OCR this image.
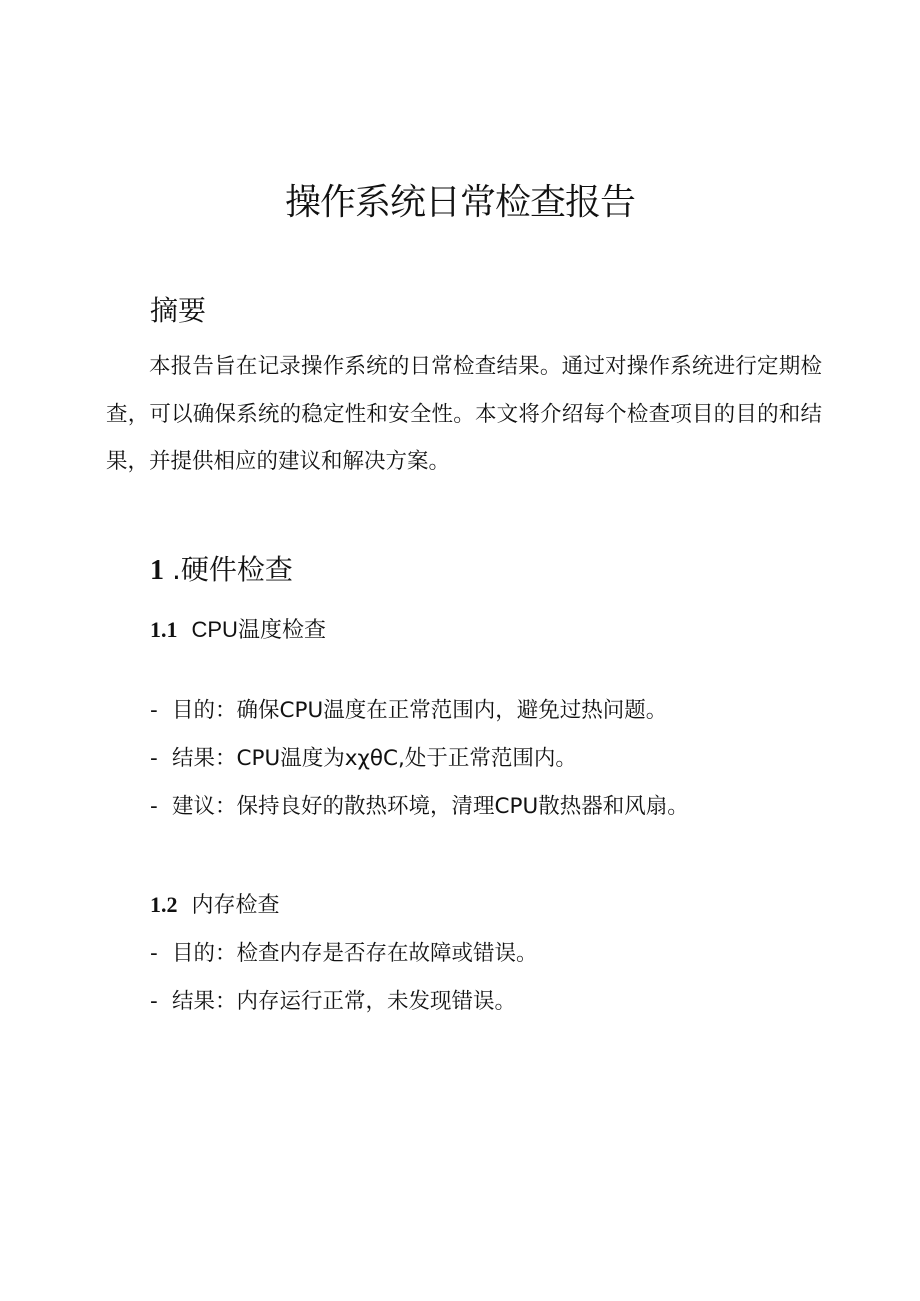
操作系统日常检查报告
摘要

本报告旨在记录操作系统的日常检查结果。通过对操作系统进行定期检查，可以确保系统的稳定性和安全性。本文将介绍每个检查项目的目的和结果，并提供相应的建议和解决方案。

1 .硬件检查
1.1 CPU温度检查

- 目的：确保CPU温度在正常范围内，避免过热问题。

- 结果：CPU温度为xχθC,处于正常范围内。

- 建议：保持良好的散热环境，清理CPU散热器和风扇。

1.2 内存检查

- 目的：检查内存是否存在故障或错误。

- 结果：内存运行正常，未发现错误。
